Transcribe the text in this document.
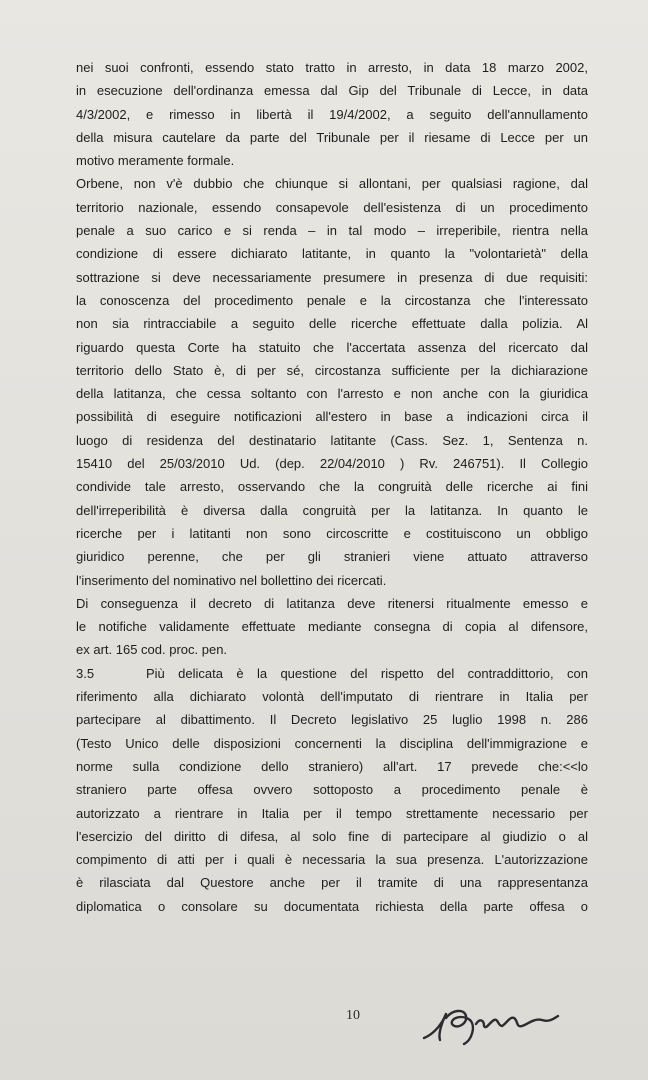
nei suoi confronti, essendo stato tratto in arresto, in data 18 marzo 2002,
in esecuzione dell'ordinanza emessa dal Gip del Tribunale di Lecce, in data
4/3/2002, e rimesso in libertà il 19/4/2002, a seguito dell'annullamento
della misura cautelare da parte del Tribunale per il riesame di Lecce per un
motivo meramente formale.
Orbene, non v'è dubbio che chiunque si allontani, per qualsiasi ragione, dal
territorio nazionale, essendo consapevole dell'esistenza di un procedimento
penale a suo carico e si renda – in tal modo – irreperibile, rientra nella
condizione di essere dichiarato latitante, in quanto la "volontarietà" della
sottrazione si deve necessariamente presumere in presenza di due requisiti:
la conoscenza del procedimento penale e la circostanza che l'interessato
non sia rintracciabile a seguito delle ricerche effettuate dalla polizia. Al
riguardo questa Corte ha statuito che l'accertata assenza del ricercato dal
territorio dello Stato è, di per sé, circostanza sufficiente per la dichiarazione
della latitanza, che cessa soltanto con l'arresto e non anche con la giuridica
possibilità di eseguire notificazioni all'estero in base a indicazioni circa il
luogo di residenza del destinatario latitante (Cass. Sez. 1, Sentenza n.
15410 del 25/03/2010 Ud. (dep. 22/04/2010 ) Rv. 246751). Il Collegio
condivide tale arresto, osservando che la congruità delle ricerche ai fini
dell'irreperibilità è diversa dalla congruità per la latitanza. In quanto le
ricerche per i latitanti non sono circoscritte e costituiscono un obbligo
giuridico perenne, che per gli stranieri viene attuato attraverso
l'inserimento del nominativo nel bollettino dei ricercati.
Di conseguenza il decreto di latitanza deve ritenersi ritualmente emesso e
le notifiche validamente effettuate mediante consegna di copia al difensore,
ex art. 165 cod. proc. pen.
3.5	Più delicata è la questione del rispetto del contraddittorio, con
riferimento alla dichiarato volontà dell'imputato di rientrare in Italia per
partecipare al dibattimento. Il Decreto legislativo 25 luglio 1998 n. 286
(Testo Unico delle disposizioni concernenti la disciplina dell'immigrazione e
norme sulla condizione dello straniero) all'art. 17 prevede che:<<lo
straniero parte offesa ovvero sottoposto a procedimento penale è
autorizzato a rientrare in Italia per il tempo strettamente necessario per
l'esercizio del diritto di difesa, al solo fine di partecipare al giudizio o al
compimento di atti per i quali è necessaria la sua presenza. L'autorizzazione
è rilasciata dal Questore anche per il tramite di una rappresentanza
diplomatica o consolare su documentata richiesta della parte offesa o
10
